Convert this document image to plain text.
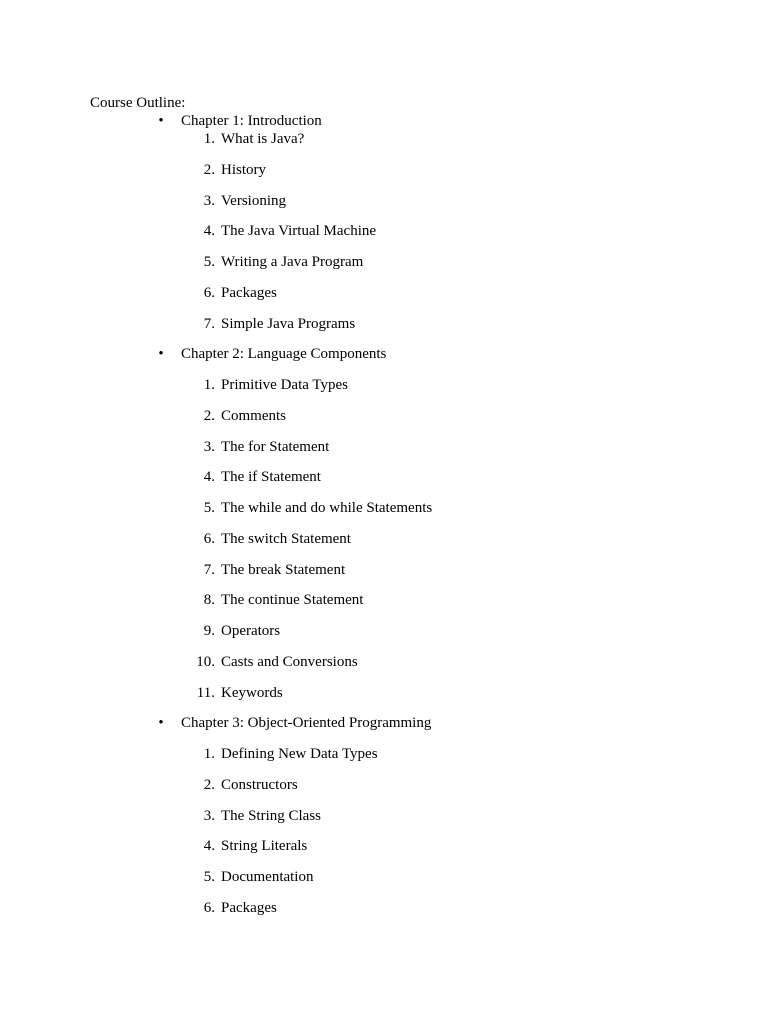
Course Outline:
• Chapter 1: Introduction
1. What is Java?
2. History
3. Versioning
4. The Java Virtual Machine
5. Writing a Java Program
6. Packages
7. Simple Java Programs
• Chapter 2: Language Components
1. Primitive Data Types
2. Comments
3. The for Statement
4. The if Statement
5. The while and do while Statements
6. The switch Statement
7. The break Statement
8. The continue Statement
9. Operators
10. Casts and Conversions
11. Keywords
• Chapter 3: Object-Oriented Programming
1. Defining New Data Types
2. Constructors
3. The String Class
4. String Literals
5. Documentation
6. Packages
